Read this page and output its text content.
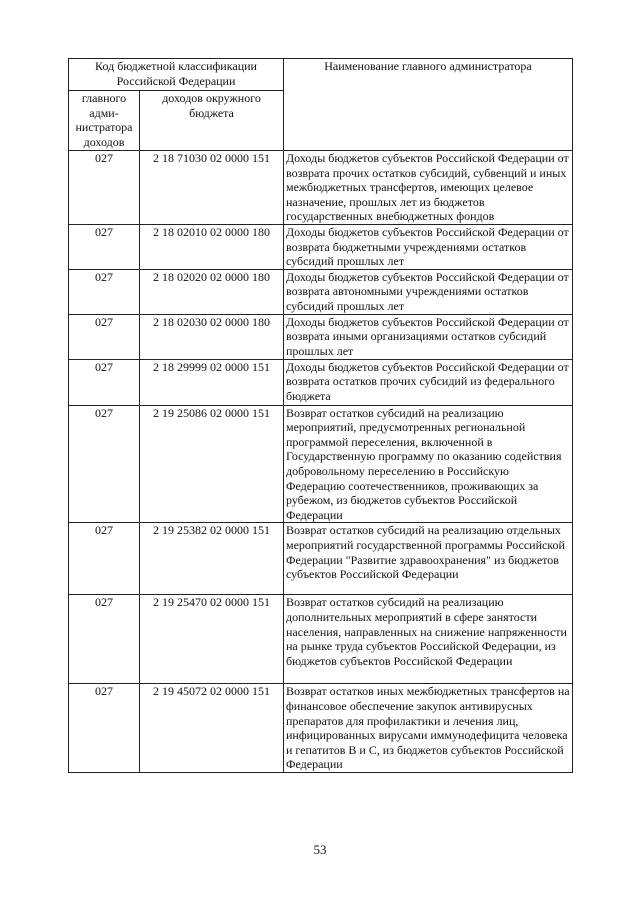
Код бюджетной классификации Российской Федерации		Наименование главного администратора
главного адми-нистратора доходов	доходов окружного бюджета	
027	2 18 71030 02 0000 151	Доходы бюджетов субъектов Российской Федерации от возврата прочих остатков субсидий, субвенций и иных межбюджетных трансфертов, имеющих целевое назначение, прошлых лет из бюджетов государственных внебюджетных фондов
027	2 18 02010 02 0000 180	Доходы бюджетов субъектов Российской Федерации от возврата бюджетными учреждениями остатков субсидий прошлых лет
027	2 18 02020 02 0000 180	Доходы бюджетов субъектов Российской Федерации от возврата автономными учреждениями остатков субсидий прошлых лет
027	2 18 02030 02 0000 180	Доходы бюджетов субъектов Российской Федерации от возврата иными организациями остатков субсидий прошлых лет
027	2 18 29999 02 0000 151	Доходы бюджетов субъектов Российской Федерации от возврата остатков прочих субсидий из федерального бюджета
027	2 19 25086 02 0000 151	Возврат остатков субсидий на реализацию мероприятий, предусмотренных региональной программой переселения, включенной в Государственную программу по оказанию содействия добровольному переселению в Российскую Федерацию соотечественников, проживающих за рубежом, из бюджетов субъектов Российской Федерации
027	2 19 25382 02 0000 151	Возврат остатков субсидий на реализацию отдельных мероприятий государственной программы Российской Федерации "Развитие здравоохранения" из бюджетов субъектов Российской Федерации
027	2 19 25470 02 0000 151	Возврат остатков субсидий на реализацию дополнительных мероприятий в сфере занятости населения, направленных на снижение напряженности на рынке труда субъектов Российской Федерации, из бюджетов субъектов Российской Федерации
027	2 19 45072 02 0000 151	Возврат остатков иных межбюджетных трансфертов на финансовое обеспечение закупок антивирусных препаратов для профилактики и лечения лиц, инфицированных вирусами иммунодефицита человека и гепатитов В и С, из бюджетов субъектов Российской Федерации
53
